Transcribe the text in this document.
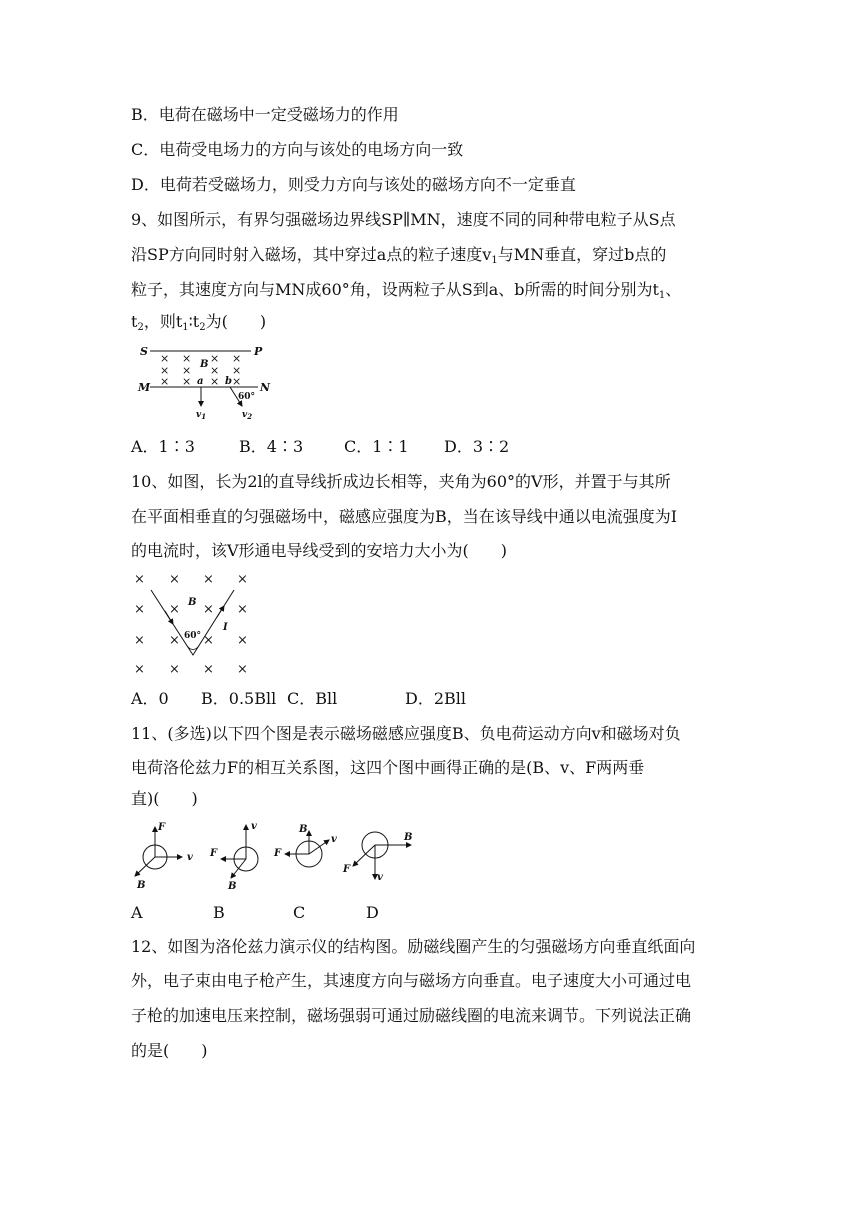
B．电荷在磁场中一定受磁场力的作用
C．电荷受电场力的方向与该处的电场方向一致
D．电荷若受磁场力，则受力方向与该处的磁场方向不一定垂直
9、如图所示，有界匀强磁场边界线SP∥MN，速度不同的同种带电粒子从S点
沿SP方向同时射入磁场，其中穿过a点的粒子速度$v_1$与MN垂直，穿过b点的
粒子，其速度方向与MN成60°角，设两粒子从S到a、b所需的时间分别为$t_1$、
$t_2$，则$t_1∶t_2$为(　　)
S	P
M	N
× × × ×
× × × ×
× × × ×
B
a b
60°
$v_1$	$v_2$
A．1∶3	B．4∶3	C．1∶1 D．3∶2
10、如图，长为2l的直导线折成边长相等，夹角为60°的V形，并置于与其所
在平面相垂直的匀强磁场中，磁感应强度为B，当在该导线中通以电流强度为I
的电流时，该V形通电导线受到的安培力大小为(　　)
× × × ×
× × × ×
× × × ×
× × × ×
B
I
60°
A．0 B．0.5Bll C．Bll	D．2Bll
11、(多选)以下四个图是表示磁场磁感应强度B、负电荷运动方向v和磁场对负
电荷洛伦兹力F的相互关系图，这四个图中画得正确的是(B、v、F两两垂
直)(　　)
F
v
B
v
F
B
B
v
F
B
F
v
A	B	C	D
12、如图为洛伦兹力演示仪的结构图。励磁线圈产生的匀强磁场方向垂直纸面向
外，电子束由电子枪产生，其速度方向与磁场方向垂直。电子速度大小可通过电
子枪的加速电压来控制，磁场强弱可通过励磁线圈的电流来调节。下列说法正确
的是(　　)
